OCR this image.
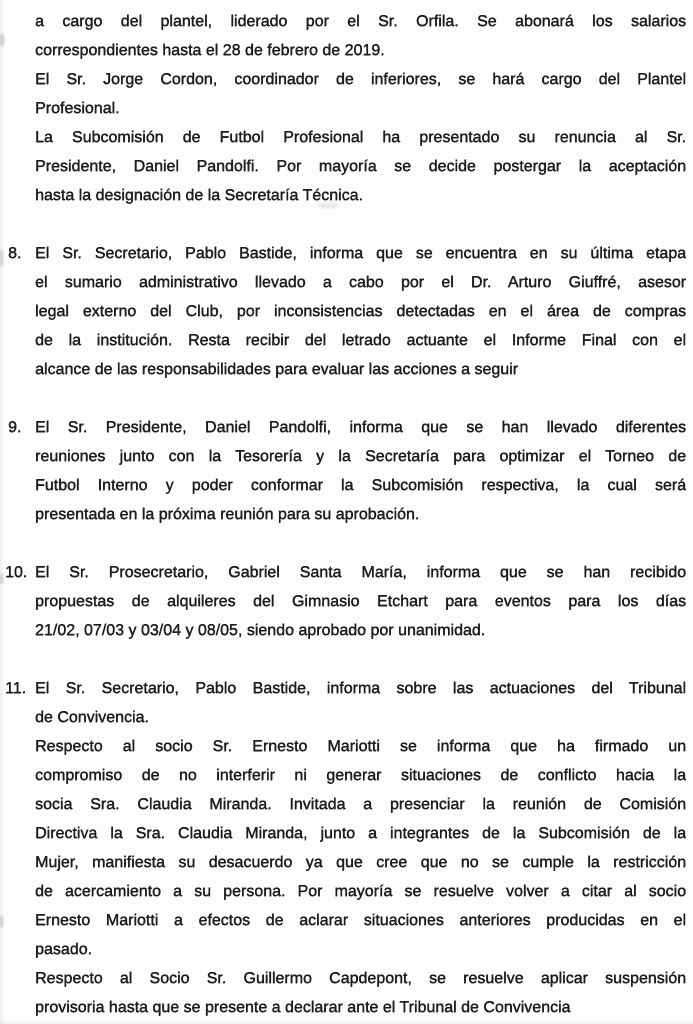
a cargo del plantel, liderado por el Sr. Orfila. Se abonará los salarios
correspondientes hasta el 28 de febrero de 2019.
El Sr. Jorge Cordon, coordinador de inferiores, se hará cargo del Plantel
Profesional.
La Subcomisión de Futbol Profesional ha presentado su renuncia al Sr.
Presidente, Daniel Pandolfi. Por mayoría se decide postergar la aceptación
hasta la designación de la Secretaría Técnica.
8. El Sr. Secretario, Pablo Bastide, informa que se encuentra en su última etapa
el sumario administrativo llevado a cabo por el Dr. Arturo Giuffré, asesor
legal externo del Club, por inconsistencias detectadas en el área de compras
de la institución. Resta recibir del letrado actuante el Informe Final con el
alcance de las responsabilidades para evaluar las acciones a seguir
9. El Sr. Presidente, Daniel Pandolfi, informa que se han llevado diferentes
reuniones junto con la Tesorería y la Secretaría para optimizar el Torneo de
Futbol Interno y poder conformar la Subcomisión respectiva, la cual será
presentada en la próxima reunión para su aprobación.
10. El Sr. Prosecretario, Gabriel Santa María, informa que se han recibido
propuestas de alquileres del Gimnasio Etchart para eventos para los días
21/02, 07/03 y 03/04 y 08/05, siendo aprobado por unanimidad.
11. El Sr. Secretario, Pablo Bastide, informa sobre las actuaciones del Tribunal
de Convivencia.
Respecto al socio Sr. Ernesto Mariotti se informa que ha firmado un
compromiso de no interferir ni generar situaciones de conflicto hacia la
socia Sra. Claudia Miranda. Invitada a presenciar la reunión de Comisión
Directiva la Sra. Claudia Miranda, junto a integrantes de la Subcomisión de la
Mujer, manifiesta su desacuerdo ya que cree que no se cumple la restricción
de acercamiento a su persona. Por mayoría se resuelve volver a citar al socio
Ernesto Mariotti a efectos de aclarar situaciones anteriores producidas en el
pasado.
Respecto al Socio Sr. Guillermo Capdepont, se resuelve aplicar suspensión
provisoria hasta que se presente a declarar ante el Tribunal de Convivencia
